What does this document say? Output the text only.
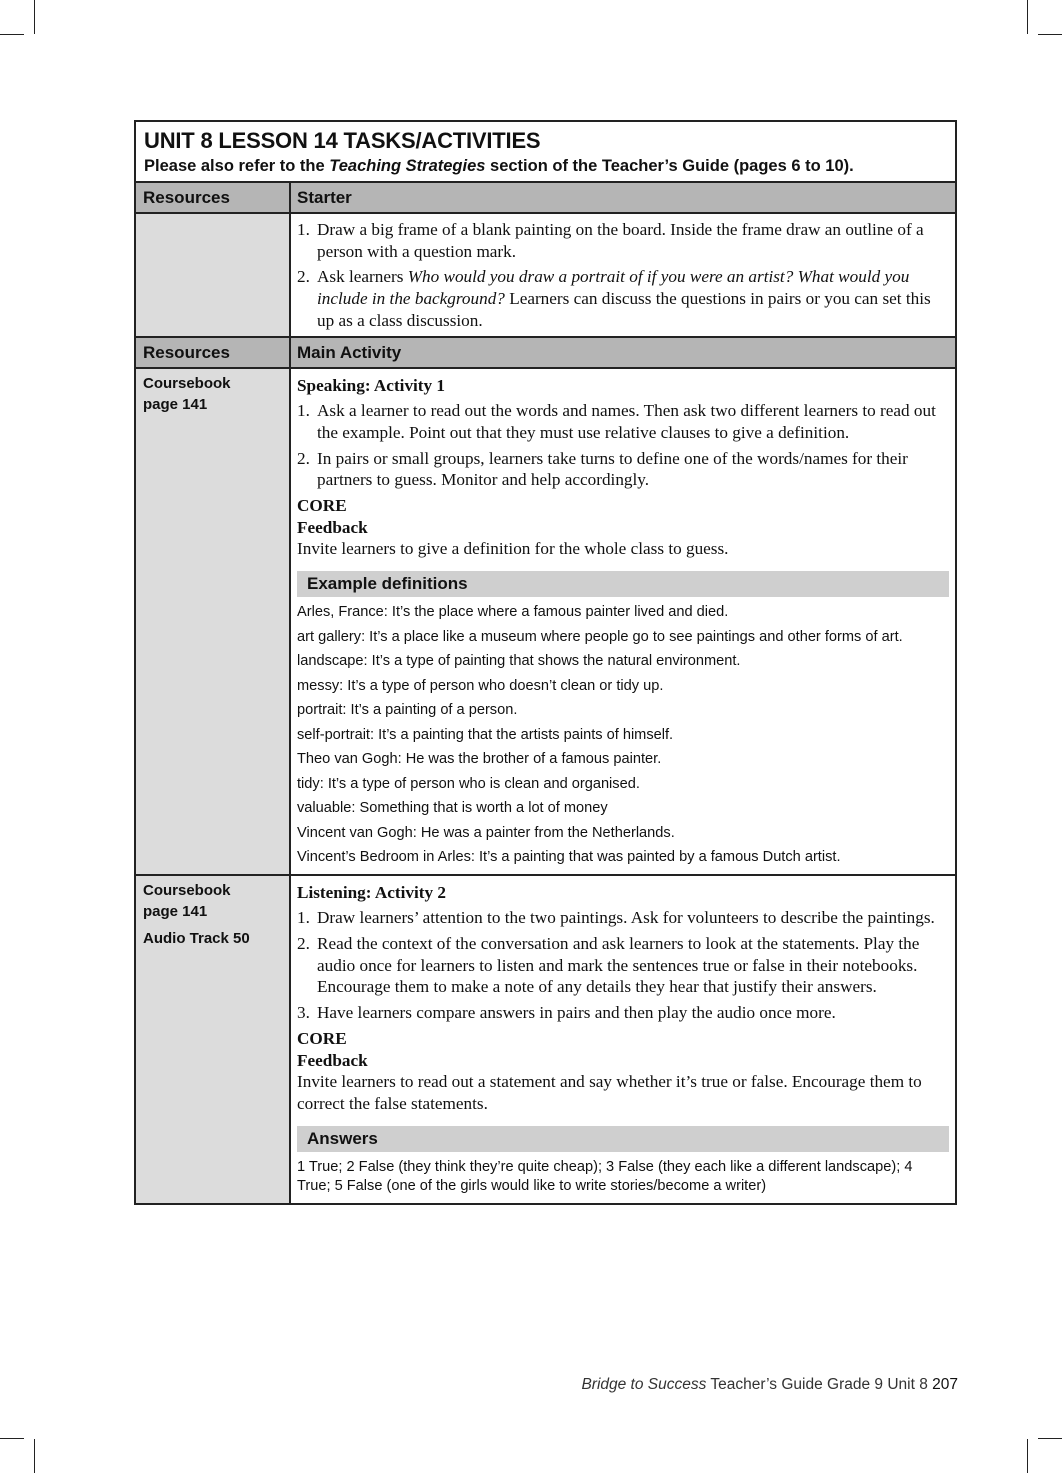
UNIT 8 LESSON 14 TASKS/ACTIVITIES
Please also refer to the Teaching Strategies section of the Teacher’s Guide (pages 6 to 10).
Resources	Starter
1. Draw a big frame of a blank painting on the board. Inside the frame draw an outline of a person with a question mark.
2. Ask learners Who would you draw a portrait of if you were an artist? What would you include in the background? Learners can discuss the questions in pairs or you can set this up as a class discussion.
Resources	Main Activity
Coursebook
page 141
Speaking: Activity 1
1. Ask a learner to read out the words and names. Then ask two different learners to read out the example. Point out that they must use relative clauses to give a definition.
2. In pairs or small groups, learners take turns to define one of the words/names for their partners to guess. Monitor and help accordingly.
CORE
Feedback
Invite learners to give a definition for the whole class to guess.
Example definitions

Arles, France: It’s the place where a famous painter lived and died.

art gallery: It’s a place like a museum where people go to see paintings and other forms of art.

landscape: It’s a type of painting that shows the natural environment.

messy: It’s a type of person who doesn’t clean or tidy up.

portrait: It’s a painting of a person.

self-portrait: It’s a painting that the artists paints of himself.

Theo van Gogh: He was the brother of a famous painter.

tidy: It’s a type of person who is clean and organised.

valuable: Something that is worth a lot of money

Vincent van Gogh: He was a painter from the Netherlands.

Vincent’s Bedroom in Arles: It’s a painting that was painted by a famous Dutch artist.

Coursebook
page 141
Audio Track 50
Listening: Activity 2
1. Draw learners’ attention to the two paintings. Ask for volunteers to describe the paintings.
2. Read the context of the conversation and ask learners to look at the statements. Play the audio once for learners to listen and mark the sentences true or false in their notebooks. Encourage them to make a note of any details they hear that justify their answers.
3. Have learners compare answers in pairs and then play the audio once more.
CORE
Feedback
Invite learners to read out a statement and say whether it’s true or false. Encourage them to correct the false statements.
Answers

1 True; 2 False (they think they’re quite cheap); 3 False (they each like a different landscape); 4 True; 5 False (one of the girls would like to write stories/become a writer)

Bridge to Success Teacher’s Guide Grade 9 Unit 8 207
